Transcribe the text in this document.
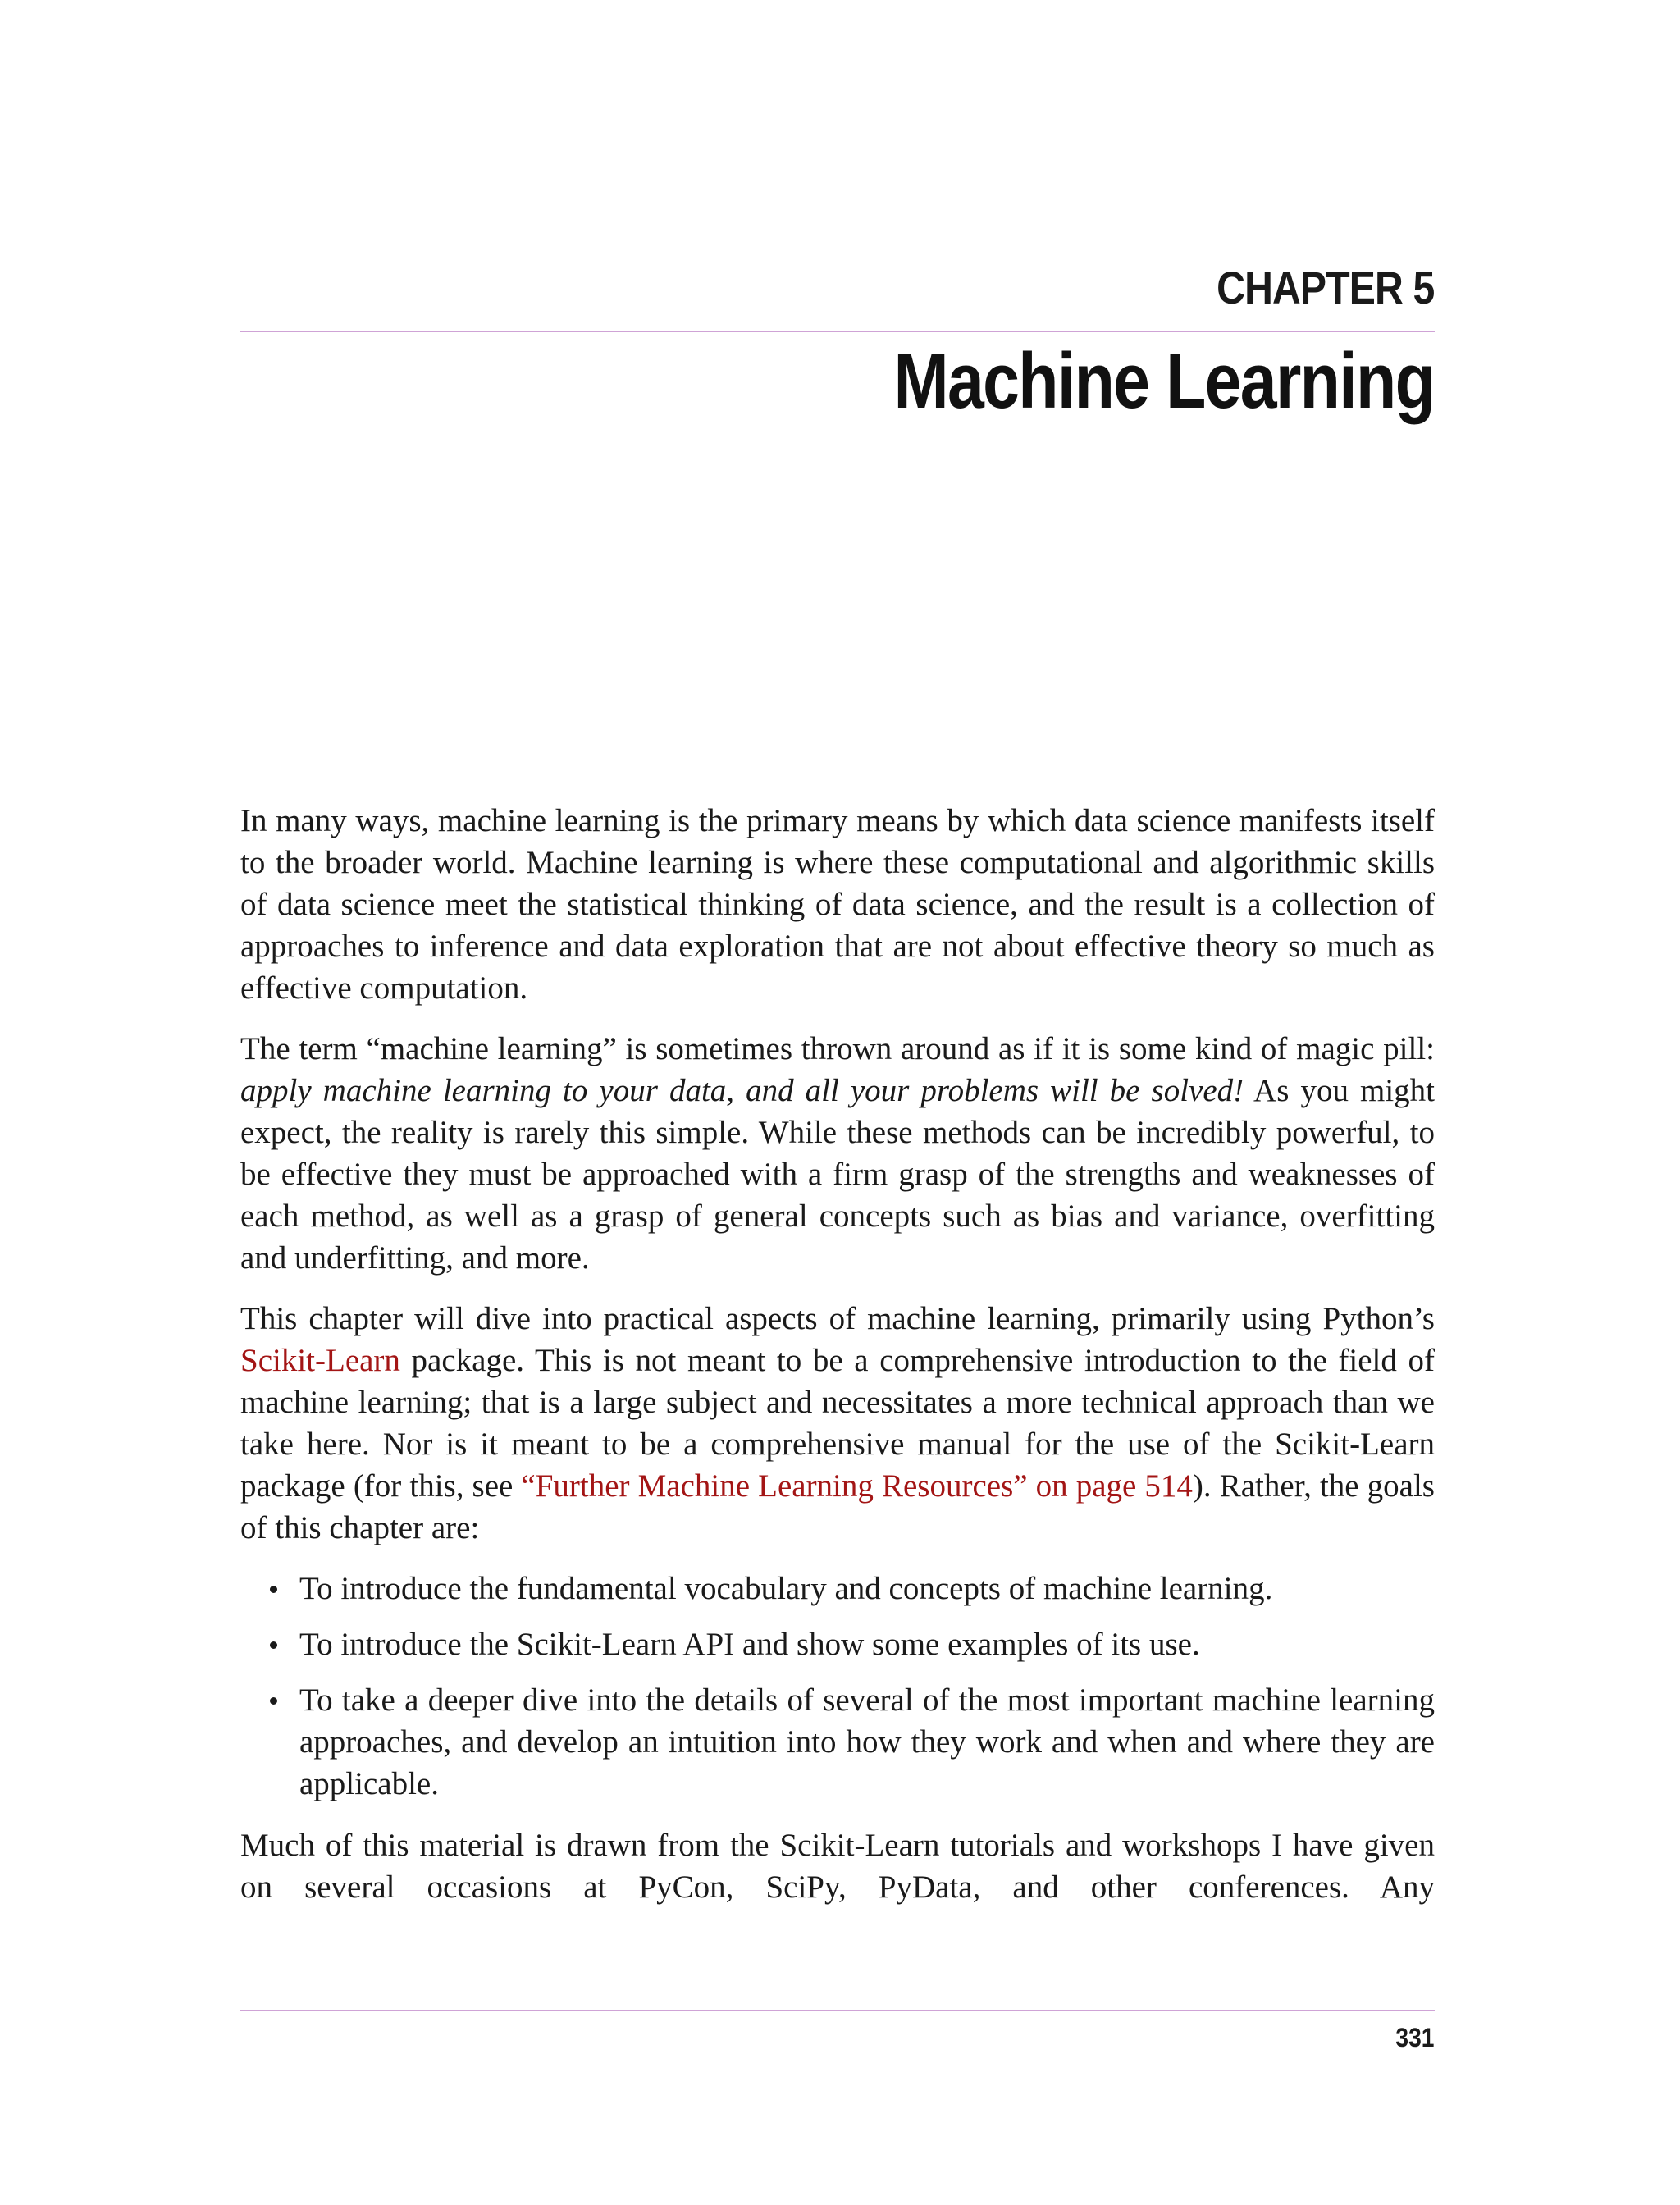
CHAPTER 5
Machine Learning

In many ways, machine learning is the primary means by which data science manifests itself to the broader world. Machine learning is where these computational and algorithmic skills of data science meet the statistical thinking of data science, and the result is a collection of approaches to inference and data exploration that are not about effective theory so much as effective computation.

The term “machine learning” is sometimes thrown around as if it is some kind of magic pill: apply machine learning to your data, and all your problems will be solved! As you might expect, the reality is rarely this simple. While these methods can be incredibly powerful, to be effective they must be approached with a firm grasp of the strengths and weaknesses of each method, as well as a grasp of general concepts such as bias and variance, overfitting and underfitting, and more.

This chapter will dive into practical aspects of machine learning, primarily using Python’s Scikit-Learn package. This is not meant to be a comprehensive introduction to the field of machine learning; that is a large subject and necessitates a more technical approach than we take here. Nor is it meant to be a comprehensive manual for the use of the Scikit-Learn package (for this, see “Further Machine Learning Resources” on page 514). Rather, the goals of this chapter are:

To introduce the fundamental vocabulary and concepts of machine learning.
To introduce the Scikit-Learn API and show some examples of its use.
To take a deeper dive into the details of several of the most important machine learning approaches, and develop an intuition into how they work and when and where they are applicable.

Much of this material is drawn from the Scikit-Learn tutorials and workshops I have given on several occasions at PyCon, SciPy, PyData, and other conferences. Any

331
